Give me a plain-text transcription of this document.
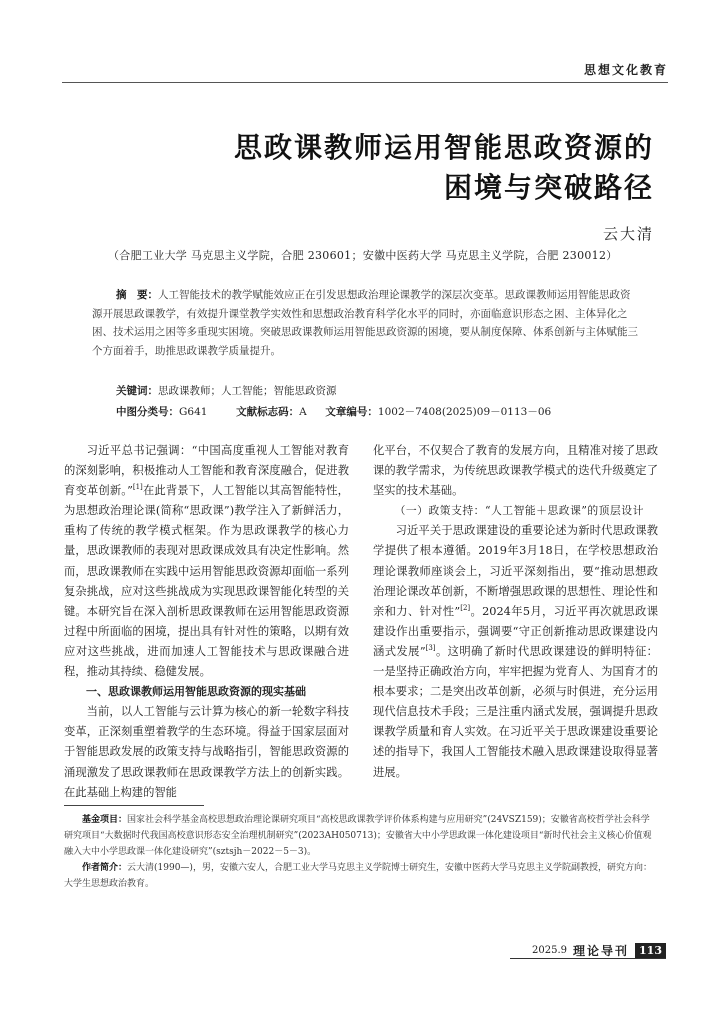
思想文化教育
思政课教师运用智能思政资源的
困境与突破路径
云大清
（合肥工业大学 马克思主义学院，合肥 230601；安徽中医药大学 马克思主义学院，合肥 230012）
摘　要：人工智能技术的教学赋能效应正在引发思想政治理论课教学的深层次变革。思政课教师运用智能思政资源开展思政课教学，有效提升课堂教学实效性和思想政治教育科学化水平的同时，亦面临意识形态之困、主体异化之困、技术运用之困等多重现实困境。突破思政课教师运用智能思政资源的困境，要从制度保障、体系创新与主体赋能三个方面着手，助推思政课教学质量提升。
关键词：思政课教师；人工智能；智能思政资源
中图分类号：G641	文献标志码：A 文章编号：1002－7408(2025)09－0113－06

习近平总书记强调：“中国高度重视人工智能对教育的深刻影响，积极推动人工智能和教育深度融合，促进教育变革创新。”[1]在此背景下，人工智能以其高智能特性，为思想政治理论课(简称“思政课”)教学注入了新鲜活力，重构了传统的教学模式框架。作为思政课教学的核心力量，思政课教师的表现对思政课成效具有决定性影响。然而，思政课教师在实践中运用智能思政资源却面临一系列复杂挑战，应对这些挑战成为实现思政课智能化转型的关键。本研究旨在深入剖析思政课教师在运用智能思政资源过程中所面临的困境，提出具有针对性的策略，以期有效应对这些挑战，进而加速人工智能技术与思政课融合进程，推动其持续、稳健发展。

一、思政课教师运用智能思政资源的现实基础

当前，以人工智能与云计算为核心的新一轮数字科技变革，正深刻重塑着教学的生态环境。得益于国家层面对于智能思政发展的政策支持与战略指引，智能思政资源的涌现激发了思政课教师在思政课教学方法上的创新实践。在此基础上构建的智能

化平台，不仅契合了教育的发展方向，且精准对接了思政课的教学需求，为传统思政课教学模式的迭代升级奠定了坚实的技术基础。

（一）政策支持：“人工智能＋思政课”的顶层设计

习近平关于思政课建设的重要论述为新时代思政课教学提供了根本遵循。2019年3月18日，在学校思想政治理论课教师座谈会上，习近平深刻指出，要“推动思想政治理论课改革创新，不断增强思政课的思想性、理论性和亲和力、针对性”[2]。2024年5月，习近平再次就思政课建设作出重要指示，强调要“守正创新推动思政课建设内涵式发展”[3]。这明确了新时代思政课建设的鲜明特征：一是坚持正确政治方向，牢牢把握为党育人、为国育才的根本要求；二是突出改革创新，必须与时俱进，充分运用现代信息技术手段；三是注重内涵式发展，强调提升思政课教学质量和育人实效。在习近平关于思政课建设重要论述的指导下，我国人工智能技术融入思政课建设取得显著进展。

基金项目：国家社会科学基金高校思想政治理论课研究项目“高校思政课教学评价体系构建与应用研究”(24VSZ159)；安徽省高校哲学社会科学研究项目“大数据时代我国高校意识形态安全治理机制研究”(2023AH050713)；安徽省大中小学思政课一体化建设项目“新时代社会主义核心价值观融入大中小学思政课一体化建设研究”(sztsjh－2022－5－3)。

作者简介：云大清(1990—)，男，安徽六安人，合肥工业大学马克思主义学院博士研究生，安徽中医药大学马克思主义学院副教授，研究方向：大学生思想政治教育。

2025.9 理论导刊 113
